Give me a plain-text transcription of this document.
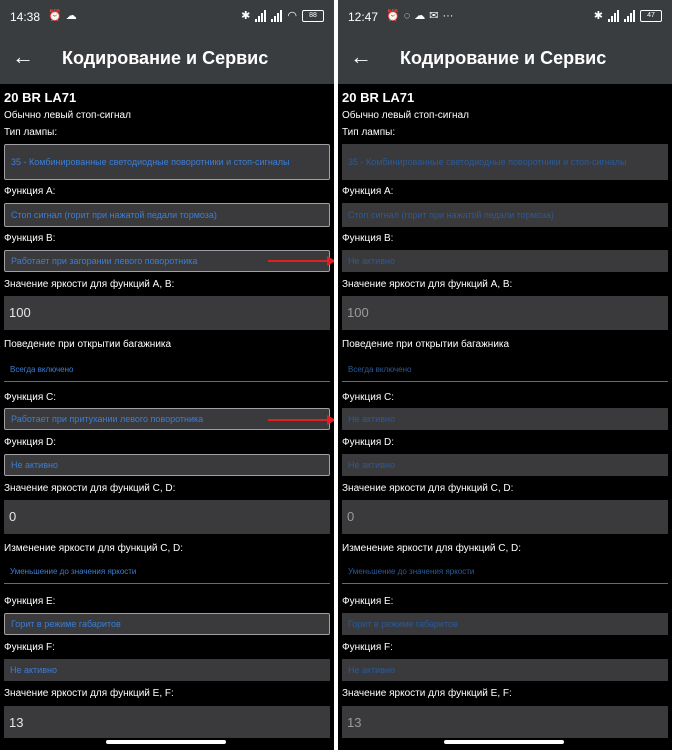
14:38 ⏰ ☁	✱	◠	88
← Кодирование и Сервис
20 BR LA71
Обычно левый стоп-сигнал
Тип лампы:
35 - Комбинированные светодиодные поворотники и стоп-сигналы
Функция A:
Стоп сигнал (горит при нажатой педали тормоза)
Функция B:
Работает при загорании левого поворотника
Значение яркости для функций A, B:
100
Поведение при открытии багажника
Всегда включено
Функция C:
Работает при притухании левого поворотника
Функция D:
Не активно
Значение яркости для функций C, D:
0
Изменение яркости для функций C, D:
Уменьшение до значения яркости
Функция E:
Горит в режиме габаритов
Функция F:
Не активно
Значение яркости для функций E, F:
13
12:47 ⏰ ◌ ☁ ✉ ···	✱	47
← Кодирование и Сервис
20 BR LA71
Обычно левый стоп-сигнал
Тип лампы:
35 - Комбинированные светодиодные поворотники и стоп-сигналы
Функция A:
Стоп сигнал (горит при нажатой педали тормоза)
Функция B:
Не активно
Значение яркости для функций A, B:
100
Поведение при открытии багажника
Всегда включено
Функция C:
Не активно
Функция D:
Не активно
Значение яркости для функций C, D:
0
Изменение яркости для функций C, D:
Уменьшение до значения яркости
Функция E:
Горит в режиме габаритов
Функция F:
Не активно
Значение яркости для функций E, F:
13
